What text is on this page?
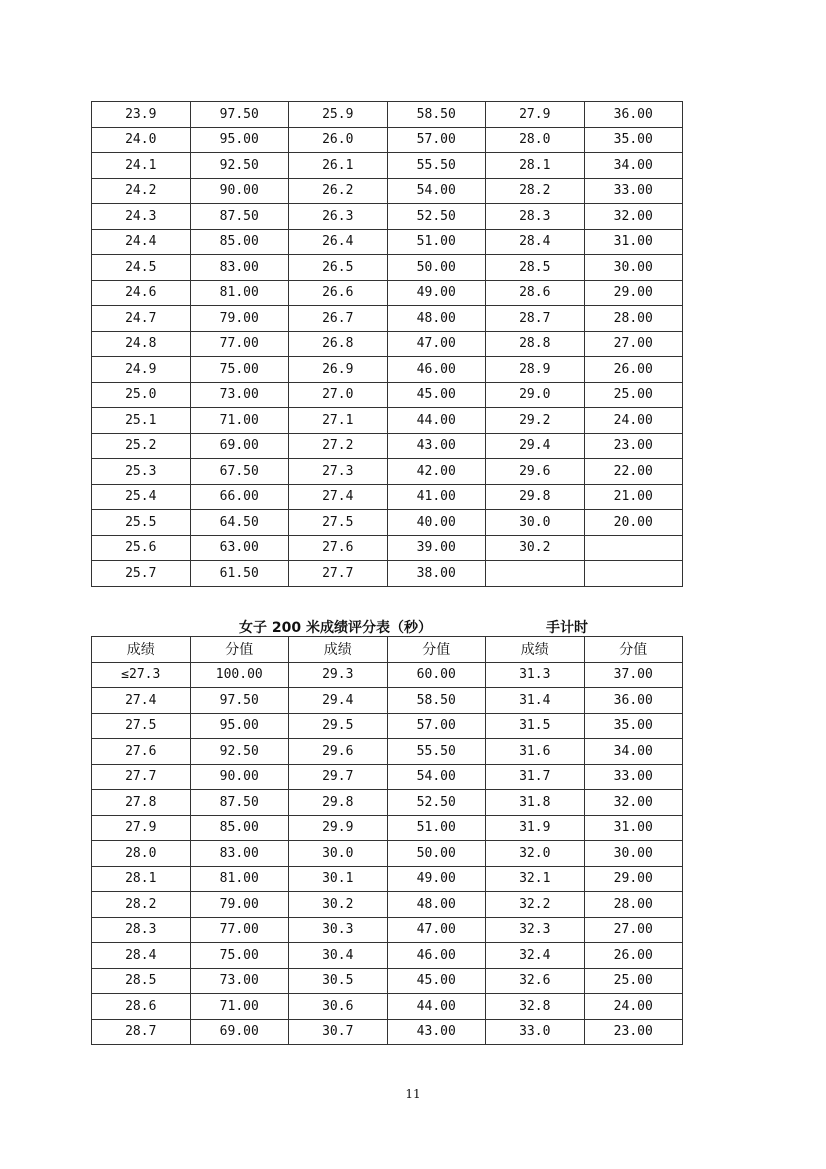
23.9	97.50	25.9	58.50	27.9	36.00
24.0	95.00	26.0	57.00	28.0	35.00
24.1	92.50	26.1	55.50	28.1	34.00
24.2	90.00	26.2	54.00	28.2	33.00
24.3	87.50	26.3	52.50	28.3	32.00
24.4	85.00	26.4	51.00	28.4	31.00
24.5	83.00	26.5	50.00	28.5	30.00
24.6	81.00	26.6	49.00	28.6	29.00
24.7	79.00	26.7	48.00	28.7	28.00
24.8	77.00	26.8	47.00	28.8	27.00
24.9	75.00	26.9	46.00	28.9	26.00
25.0	73.00	27.0	45.00	29.0	25.00
25.1	71.00	27.1	44.00	29.2	24.00
25.2	69.00	27.2	43.00	29.4	23.00
25.3	67.50	27.3	42.00	29.6	22.00
25.4	66.00	27.4	41.00	29.8	21.00
25.5	64.50	27.5	40.00	30.0	20.00
25.6	63.00	27.6	39.00	30.2	
25.7	61.50	27.7	38.00		
女子 200 米成绩评分表（秒）	手计时
成绩	分值	成绩	分值	成绩	分值
≤27.3	100.00	29.3	60.00	31.3	37.00
27.4	97.50	29.4	58.50	31.4	36.00
27.5	95.00	29.5	57.00	31.5	35.00
27.6	92.50	29.6	55.50	31.6	34.00
27.7	90.00	29.7	54.00	31.7	33.00
27.8	87.50	29.8	52.50	31.8	32.00
27.9	85.00	29.9	51.00	31.9	31.00
28.0	83.00	30.0	50.00	32.0	30.00
28.1	81.00	30.1	49.00	32.1	29.00
28.2	79.00	30.2	48.00	32.2	28.00
28.3	77.00	30.3	47.00	32.3	27.00
28.4	75.00	30.4	46.00	32.4	26.00
28.5	73.00	30.5	45.00	32.6	25.00
28.6	71.00	30.6	44.00	32.8	24.00
28.7	69.00	30.7	43.00	33.0	23.00
11
